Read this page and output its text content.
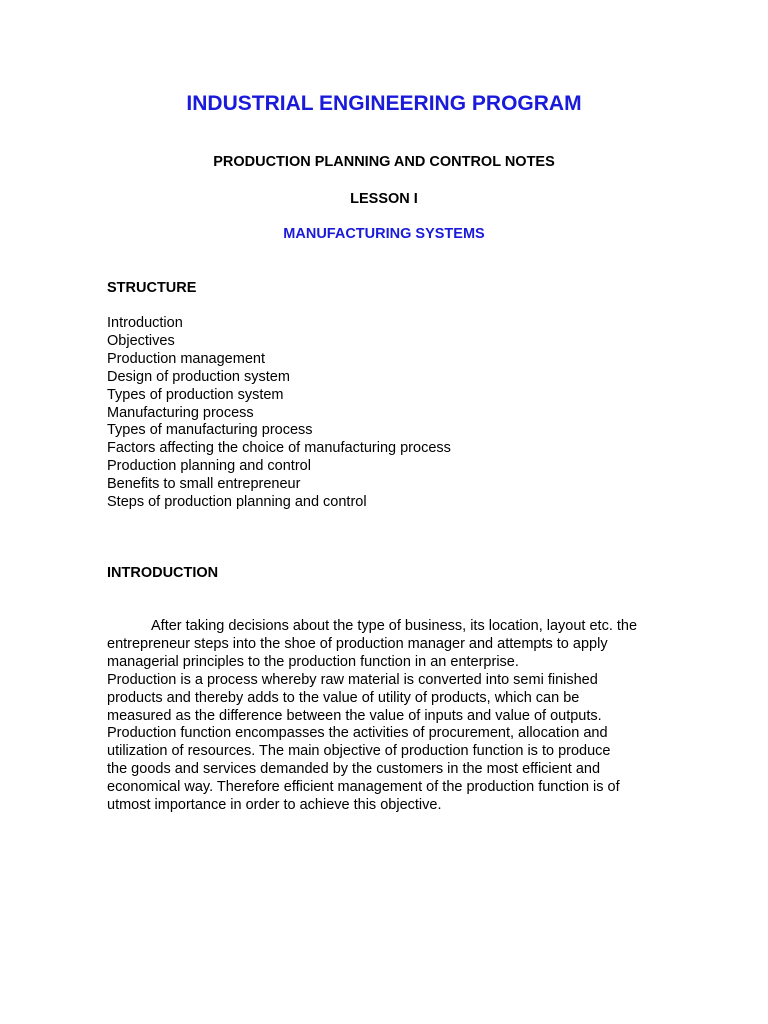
INDUSTRIAL ENGINEERING PROGRAM
PRODUCTION PLANNING AND CONTROL NOTES
LESSON I
MANUFACTURING SYSTEMS
STRUCTURE
Introduction
Objectives
Production management
Design of production system
Types of production system
Manufacturing process
Types of manufacturing process
Factors affecting the choice of manufacturing process
Production planning and control
Benefits to small entrepreneur
Steps of production planning and control
INTRODUCTION
After taking decisions about the type of business, its location, layout etc. the
entrepreneur steps into the shoe of production manager and attempts to apply
managerial principles to the production function in an enterprise.
Production is a process whereby raw material is converted into semi finished
products and thereby adds to the value of utility of products, which can be
measured as the difference between the value of inputs and value of outputs.
Production function encompasses the activities of procurement, allocation and
utilization of resources. The main objective of production function is to produce
the goods and services demanded by the customers in the most efficient and
economical way. Therefore efficient management of the production function is of
utmost importance in order to achieve this objective.
